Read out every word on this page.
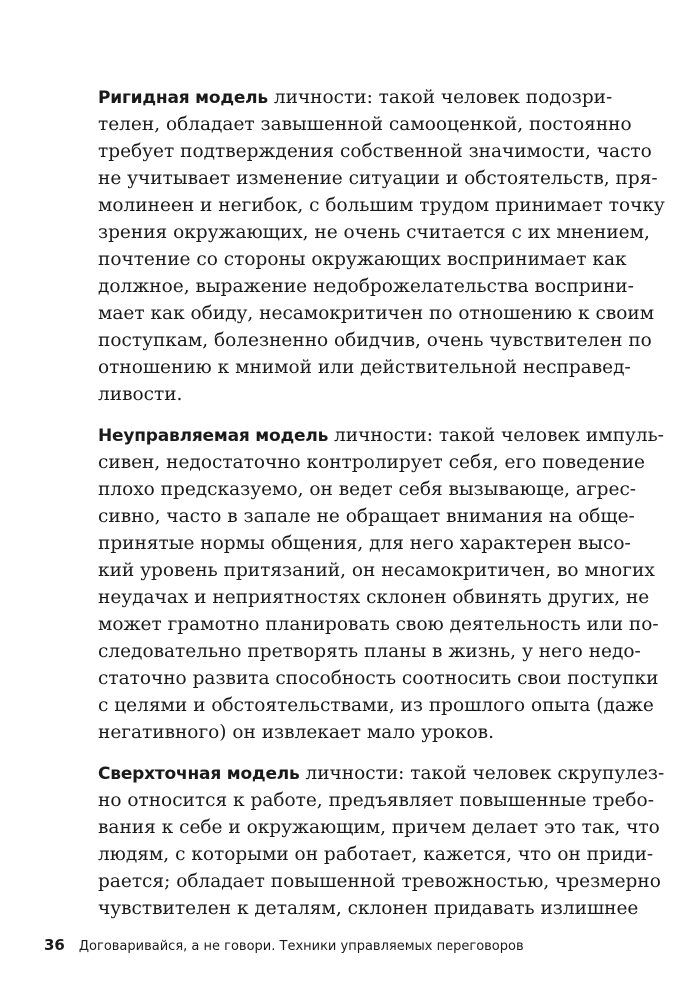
Ригидная модель личности: такой человек подозри-
телен, обладает завышенной самооценкой, постоянно
требует подтверждения собственной значимости, часто
не учитывает изменение ситуации и обстоятельств, пря-
молинеен и негибок, с большим трудом принимает точку
зрения окружающих, не очень считается с их мнением,
почтение со стороны окружающих воспринимает как
должное, выражение недоброжелательства восприни-
мает как обиду, несамокритичен по отношению к своим
поступкам, болезненно обидчив, очень чувствителен по
отношению к мнимой или действительной несправед-
ливости.

Неуправляемая модель личности: такой человек импуль-
сивен, недостаточно контролирует себя, его поведение
плохо предсказуемо, он ведет себя вызывающе, агрес-
сивно, часто в запале не обращает внимания на обще-
принятые нормы общения, для него характерен высо-
кий уровень притязаний, он несамокритичен, во многих
неудачах и неприятностях склонен обвинять других, не
может грамотно планировать свою деятельность или по-
следовательно претворять планы в жизнь, у него недо-
статочно развита способность соотносить свои поступки
с целями и обстоятельствами, из прошлого опыта (даже
негативного) он извлекает мало уроков.

Сверхточная модель личности: такой человек скрупулез-
но относится к работе, предъявляет повышенные требо-
вания к себе и окружающим, причем делает это так, что
людям, с которыми он работает, кажется, что он приди-
рается; обладает повышенной тревожностью, чрезмерно
чувствителен к деталям, склонен придавать излишнее

36 Договаривайся, а не говори. Техники управляемых переговоров
